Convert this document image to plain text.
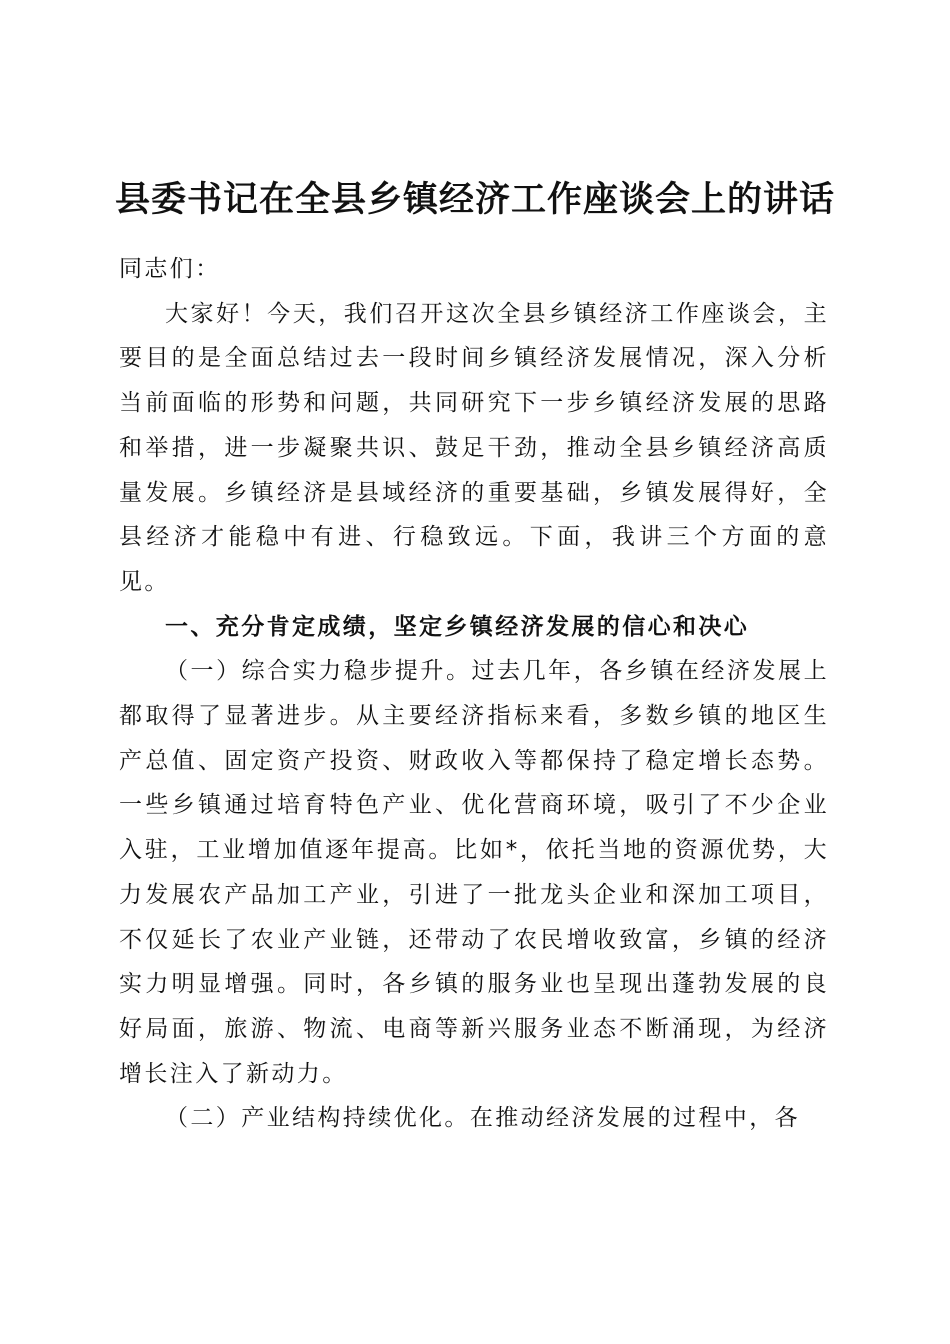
县委书记在全县乡镇经济工作座谈会上的讲话

同志们：

大家好！今天，我们召开这次全县乡镇经济工作座谈会，主要目的是全面总结过去一段时间乡镇经济发展情况，深入分析当前面临的形势和问题，共同研究下一步乡镇经济发展的思路和举措，进一步凝聚共识、鼓足干劲，推动全县乡镇经济高质量发展。乡镇经济是县域经济的重要基础，乡镇发展得好，全县经济才能稳中有进、行稳致远。下面，我讲三个方面的意见。

一、充分肯定成绩，坚定乡镇经济发展的信心和决心

（一）综合实力稳步提升。过去几年，各乡镇在经济发展上都取得了显著进步。从主要经济指标来看，多数乡镇的地区生产总值、固定资产投资、财政收入等都保持了稳定增长态势。一些乡镇通过培育特色产业、优化营商环境，吸引了不少企业入驻，工业增加值逐年提高。比如*，依托当地的资源优势，大力发展农产品加工产业，引进了一批龙头企业和深加工项目，不仅延长了农业产业链，还带动了农民增收致富，乡镇的经济实力明显增强。同时，各乡镇的服务业也呈现出蓬勃发展的良好局面，旅游、物流、电商等新兴服务业态不断涌现，为经济增长注入了新动力。

（二）产业结构持续优化。在推动经济发展的过程中，各
